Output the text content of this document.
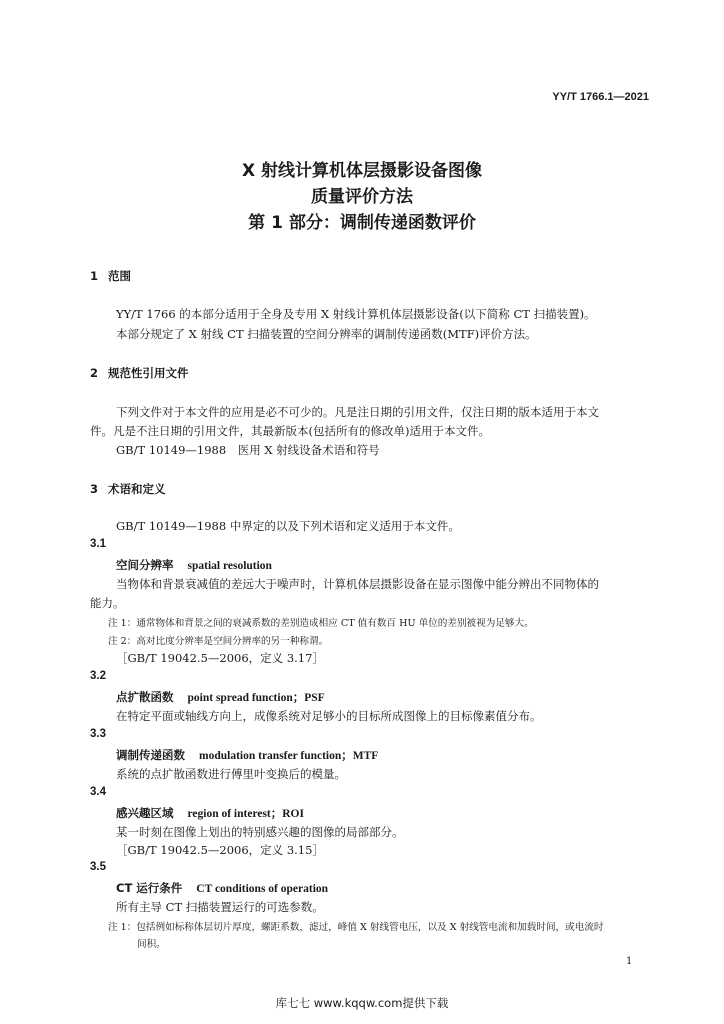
YY/T 1766.1—2021
X 射线计算机体层摄影设备图像
质量评价方法
第 1 部分：调制传递函数评价
1 范围
YY/T 1766 的本部分适用于全身及专用 X 射线计算机体层摄影设备(以下简称 CT 扫描装置)。
本部分规定了 X 射线 CT 扫描装置的空间分辨率的调制传递函数(MTF)评价方法。
2 规范性引用文件
下列文件对于本文件的应用是必不可少的。凡是注日期的引用文件，仅注日期的版本适用于本文
件。凡是不注日期的引用文件，其最新版本(包括所有的修改单)适用于本文件。
GB/T 10149—1988　医用 X 射线设备术语和符号
3 术语和定义
GB/T 10149—1988 中界定的以及下列术语和定义适用于本文件。
3.1
空间分辨率 spatial resolution
当物体和背景衰减值的差远大于噪声时，计算机体层摄影设备在显示图像中能分辨出不同物体的
能力。
注 1：通常物体和背景之间的衰减系数的差别造成相应 CT 值有数百 HU 单位的差别被视为足够大。
注 2：高对比度分辨率是空间分辨率的另一种称谓。
［GB/T 19042.5—2006，定义 3.17］
3.2
点扩散函数 point spread function；PSF
在特定平面或轴线方向上，成像系统对足够小的目标所成图像上的目标像素值分布。
3.3
调制传递函数 modulation transfer function；MTF
系统的点扩散函数进行傅里叶变换后的模量。
3.4
感兴趣区域 region of interest；ROI
某一时刻在图像上划出的特别感兴趣的图像的局部部分。
［GB/T 19042.5—2006，定义 3.15］
3.5
CT 运行条件 CT conditions of operation
所有主导 CT 扫描装置运行的可选参数。
注 1：包括例如标称体层切片厚度，螺距系数，滤过，峰值 X 射线管电压，以及 X 射线管电流和加载时间，或电流时
间积。
1
库七七 www.kqqw.com提供下载
